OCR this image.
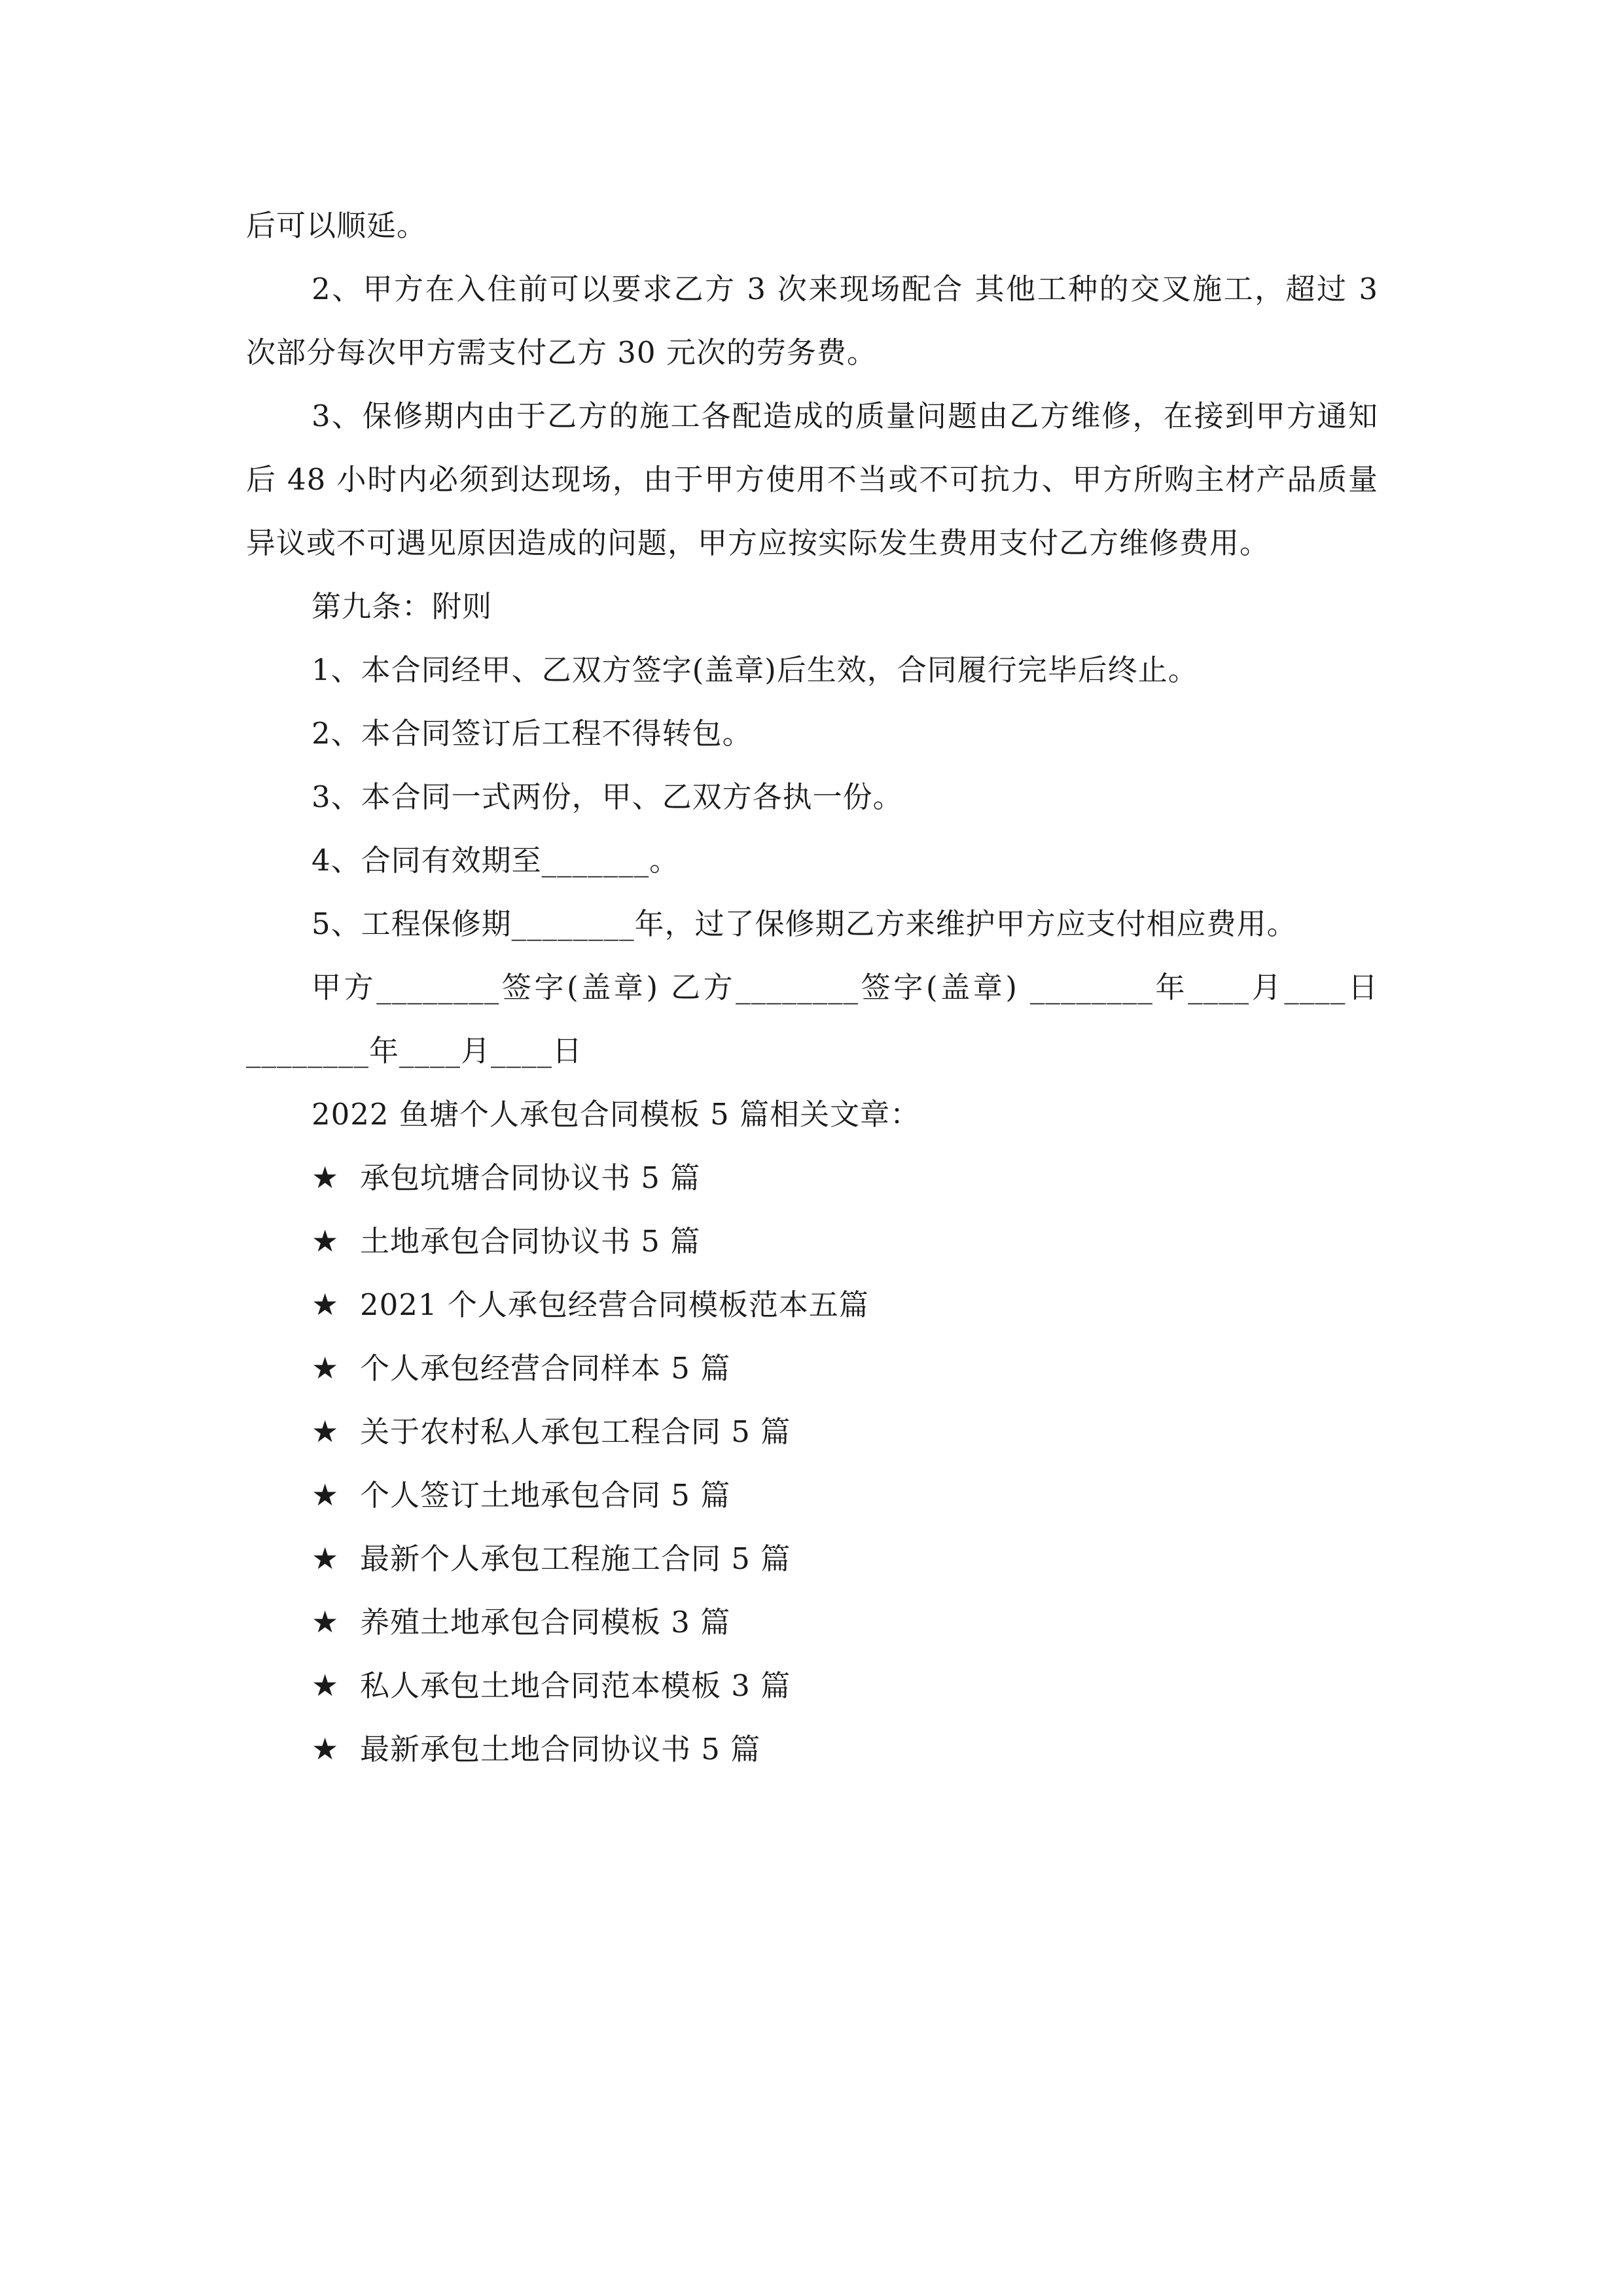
后可以顺延。

2、甲方在入住前可以要求乙方 3 次来现场配合 其他工种的交叉施工，超过 3 次部分每次甲方需支付乙方 30 元次的劳务费。

3、保修期内由于乙方的施工各配造成的质量问题由乙方维修，在接到甲方通知后 48 小时内必须到达现场，由于甲方使用不当或不可抗力、甲方所购主材产品质量异议或不可遇见原因造成的问题，甲方应按实际发生费用支付乙方维修费用。

第九条：附则

1、本合同经甲、乙双方签字(盖章)后生效，合同履行完毕后终止。

2、本合同签订后工程不得转包。

3、本合同一式两份，甲、乙双方各执一份。

4、合同有效期至_______。

5、工程保修期________年，过了保修期乙方来维护甲方应支付相应费用。

甲方________签字(盖章) 乙方________签字(盖章) ________年____月____日 ________年____月____日

2022 鱼塘个人承包合同模板 5 篇相关文章：

★ 承包坑塘合同协议书 5 篇
★ 土地承包合同协议书 5 篇
★ 2021 个人承包经营合同模板范本五篇
★ 个人承包经营合同样本 5 篇
★ 关于农村私人承包工程合同 5 篇
★ 个人签订土地承包合同 5 篇
★ 最新个人承包工程施工合同 5 篇
★ 养殖土地承包合同模板 3 篇
★ 私人承包土地合同范本模板 3 篇
★ 最新承包土地合同协议书 5 篇
